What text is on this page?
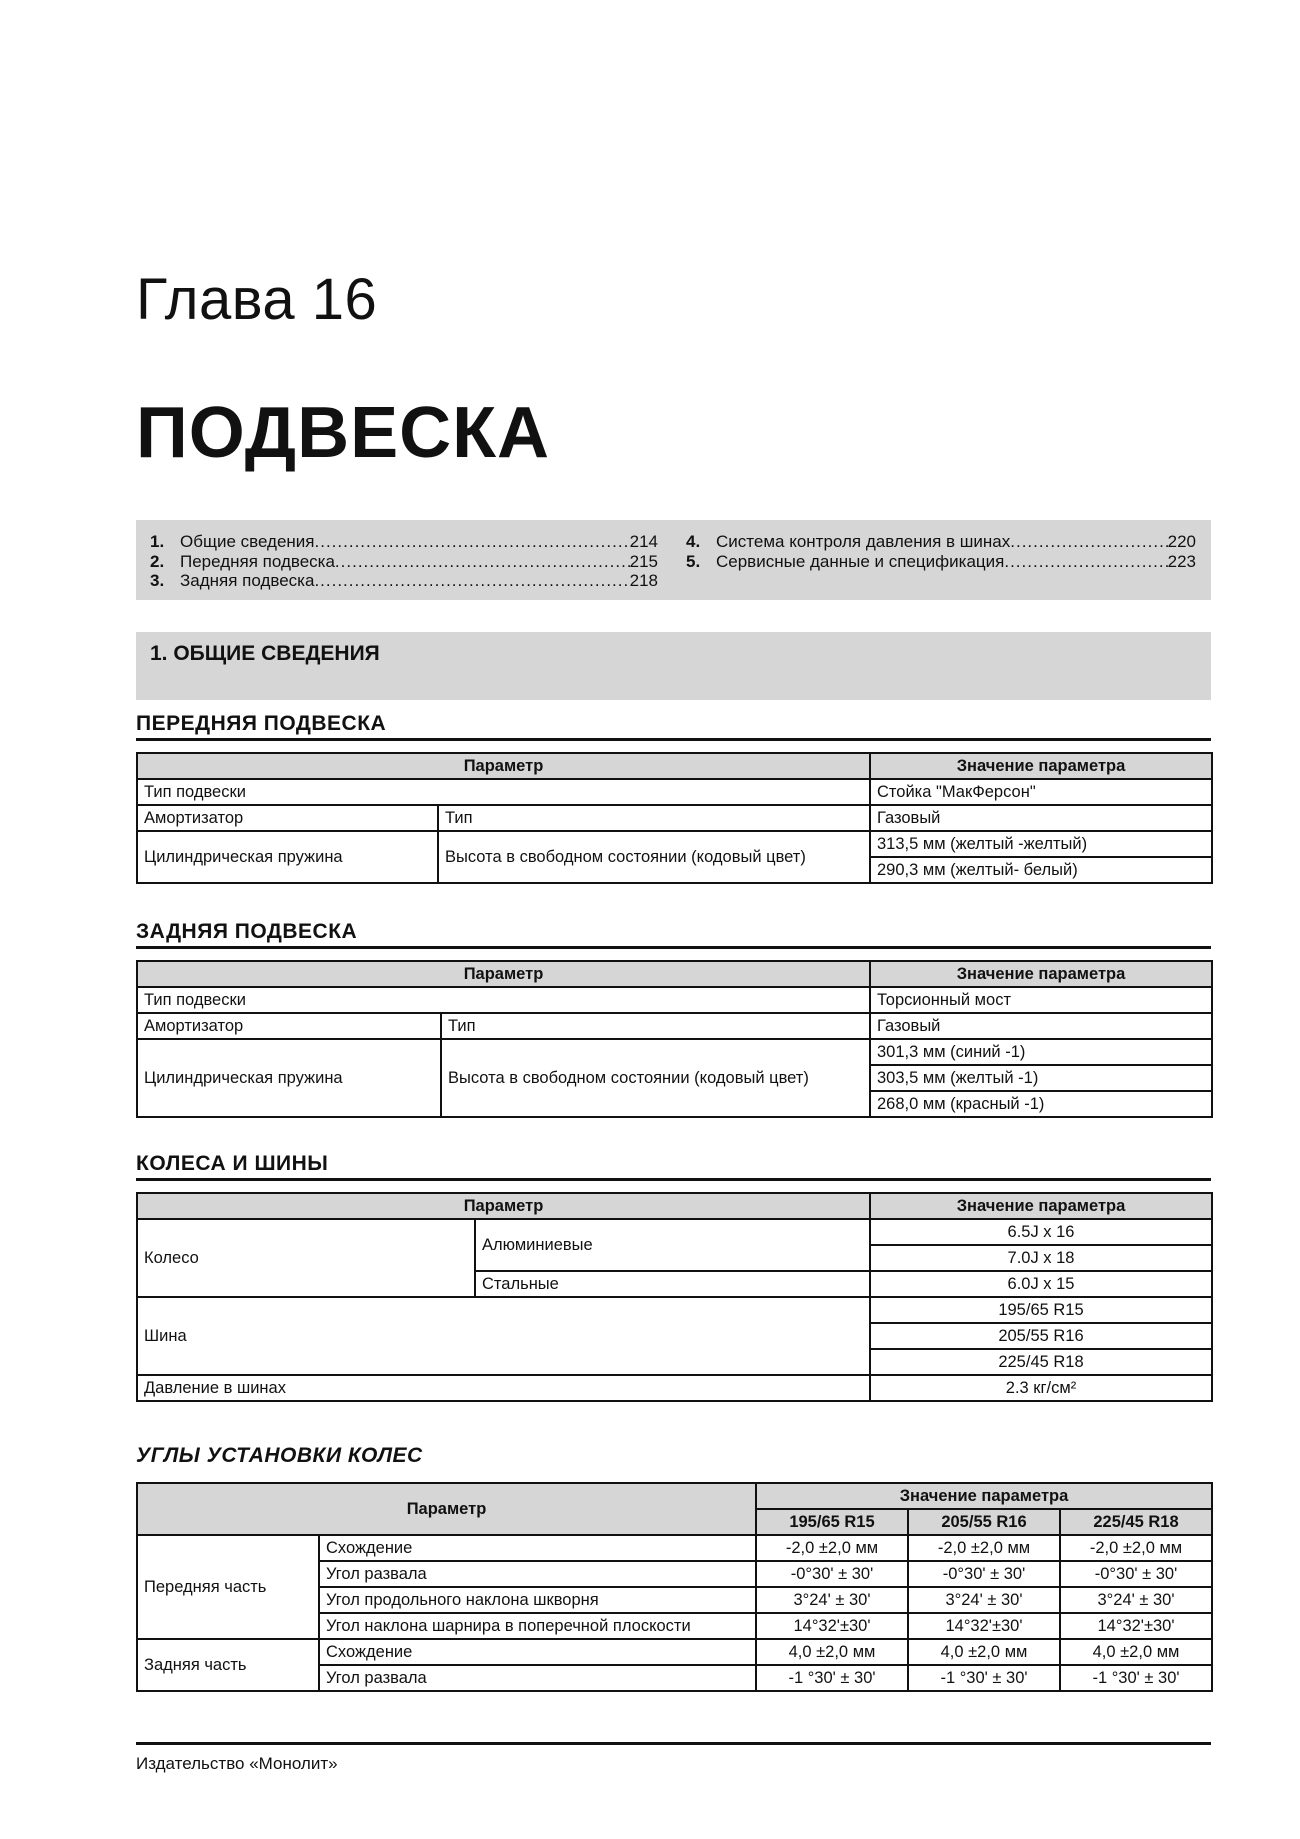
Глава 16
ПОДВЕСКА
1. Общие сведения .....	214
2. Передняя подвеска .....	215
3. Задняя подвеска .....	218
4. Система контроля давления в шинах .....	220
5. Сервисные данные и спецификация .....	223
1. ОБЩИЕ СВЕДЕНИЯ
ПЕРЕДНЯЯ ПОДВЕСКА
Параметр		Значение параметра
Тип подвески		Стойка "МакФерсон"
Амортизатор	Тип	Газовый
Цилиндрическая пружина	Высота в свободном состоянии (кодовый цвет)	313,5 мм (желтый -желтый)
		290,3 мм (желтый- белый)
ЗАДНЯЯ ПОДВЕСКА
Параметр		Значение параметра
Тип подвески		Торсионный мост
Амортизатор	Тип	Газовый
Цилиндрическая пружина	Высота в свободном состоянии (кодовый цвет)	301,3 мм (синий -1)
		303,5 мм (желтый -1)
		268,0 мм (красный -1)
КОЛЕСА И ШИНЫ
Параметр		Значение параметра
Колесо	Алюминиевые	6.5J x 16
		7.0J x 18
	Стальные	6.0J x 15
Шина		195/65 R15
		205/55 R16
		225/45 R18
Давление в шинах		2.3 кг/см²
УГЛЫ УСТАНОВКИ КОЛЕС
Параметр		Значение параметра		
		195/65 R15	205/55 R16	225/45 R18
Передняя часть	Схождение	-2,0 ±2,0 мм	-2,0 ±2,0 мм	-2,0 ±2,0 мм
	Угол развала	-0°30' ± 30'	-0°30' ± 30'	-0°30' ± 30'
	Угол продольного наклона шкворня	3°24' ± 30'	3°24' ± 30'	3°24' ± 30'
	Угол наклона шарнира в поперечной плоскости	14°32'±30'	14°32'±30'	14°32'±30'
Задняя часть	Схождение	4,0 ±2,0 мм	4,0 ±2,0 мм	4,0 ±2,0 мм
	Угол развала	-1 °30' ± 30'	-1 °30' ± 30'	-1 °30' ± 30'
Издательство «Монолит»
